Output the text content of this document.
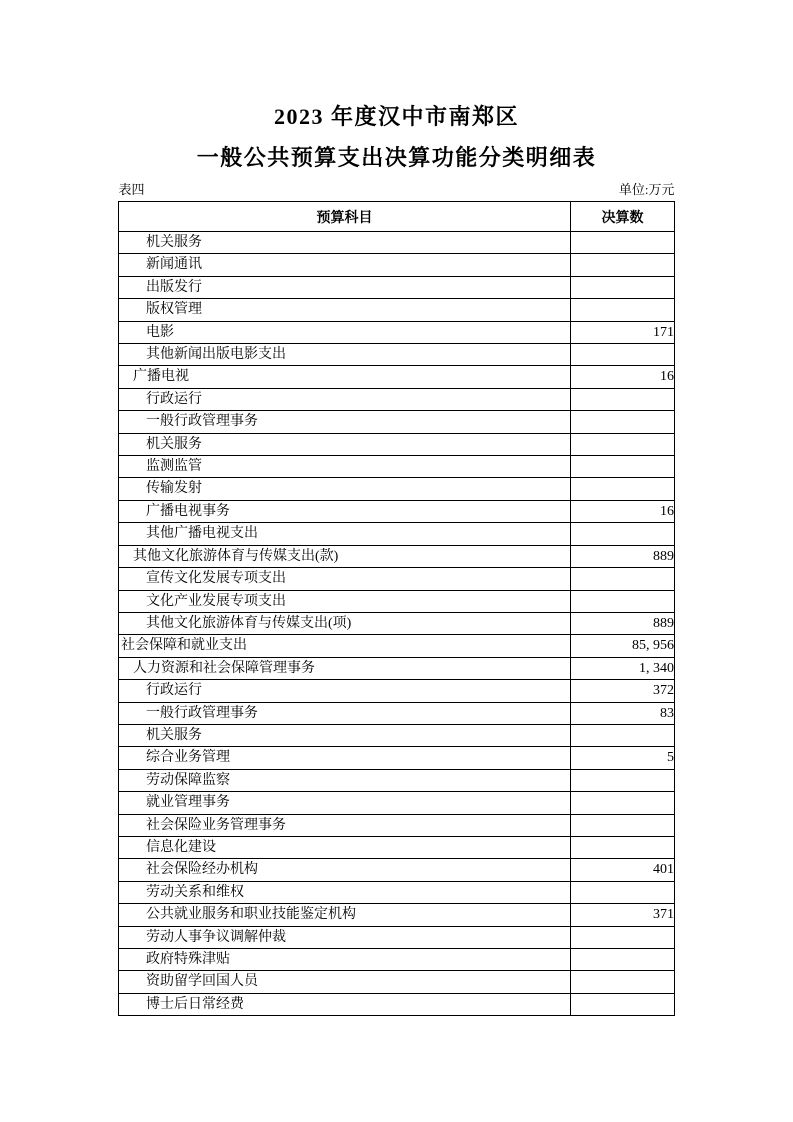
2023 年度汉中市南郑区
一般公共预算支出决算功能分类明细表
表四	单位:万元
预算科目	决算数
机关服务	
新闻通讯	
出版发行	
版权管理	
电影	171
其他新闻出版电影支出	
广播电视	16
行政运行	
一般行政管理事务	
机关服务	
监测监管	
传输发射	
广播电视事务	16
其他广播电视支出	
其他文化旅游体育与传媒支出(款)	889
宣传文化发展专项支出	
文化产业发展专项支出	
其他文化旅游体育与传媒支出(项)	889
社会保障和就业支出	85, 956
人力资源和社会保障管理事务	1, 340
行政运行	372
一般行政管理事务	83
机关服务	
综合业务管理	5
劳动保障监察	
就业管理事务	
社会保险业务管理事务	
信息化建设	
社会保险经办机构	401
劳动关系和维权	
公共就业服务和职业技能鉴定机构	371
劳动人事争议调解仲裁	
政府特殊津贴	
资助留学回国人员	
博士后日常经费	
